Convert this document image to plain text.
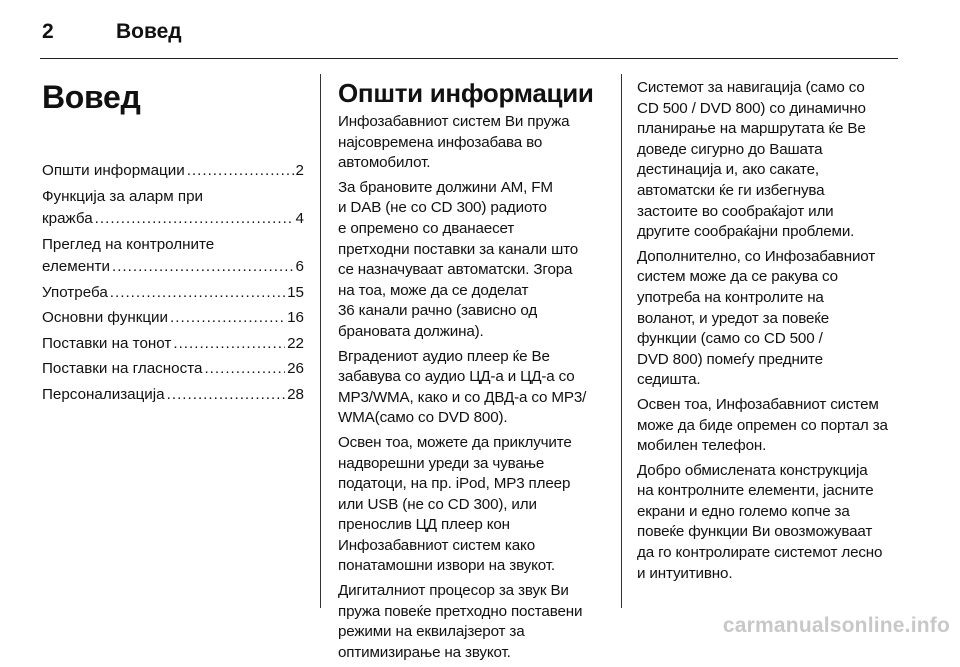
2	Вовед
Вовед
Општи информации .....	2
Функција за аларм при
кражба .....	4
Преглед на контролните
елементи .....	6
Употреба .....	15
Основни функции .....	16
Поставки на тонот .....	22
Поставки на гласноста .....	26
Персонализација .....	28
Општи информации

Инфозабавниот систем Ви пружа
најсовремена инфозабава во
автомобилот.

За брановите должини AM, FM
и DAB (не со CD 300) радиото
е опремено со дванаесет
претходни поставки за канали што
се назначуваат автоматски. Згора
на тоа, може да се доделат
36 канали рачно (зависно од
брановата должина).

Вградениот аудио плеер ќе Ве
забавува со аудио ЦД-а и ЦД-а со
MP3/WMA, како и со ДВД-а со MP3/
WMA(само со DVD 800).

Освен тоа, можете да приклучите
надворешни уреди за чување
податоци, на пр. iPod, MP3 плеер
или USB (не со CD 300), или
пренослив ЦД плеер кон
Инфозабавниот систем како
понатамошни извори на звукот.

Дигиталниот процесор за звук Ви
пружа повеќе претходно поставени
режими на еквилајзерот за
оптимизирање на звукот.

Системот за навигација (само со
CD 500 / DVD 800) со динамично
планирање на маршрутата ќе Ве
доведе сигурно до Вашата
дестинација и, ако сакате,
автоматски ќе ги избегнува
застоите во сообраќајот или
другите сообраќајни проблеми.

Дополнително, со Инфозабавниот
систем може да се ракува со
употреба на контролите на
воланот, и уредот за повеќе
функции (само со CD 500 /
DVD 800) помеѓу предните
седишта.

Освен тоа, Инфозабавниот систем
може да биде опремен со портал за
мобилен телефон.

Добро обмислената конструкција
на контролните елементи, јасните
екрани и едно големо копче за
повеќе функции Ви овозможуваат
да го контролирате системот лесно
и интуитивно.

carmanualsonline.info
